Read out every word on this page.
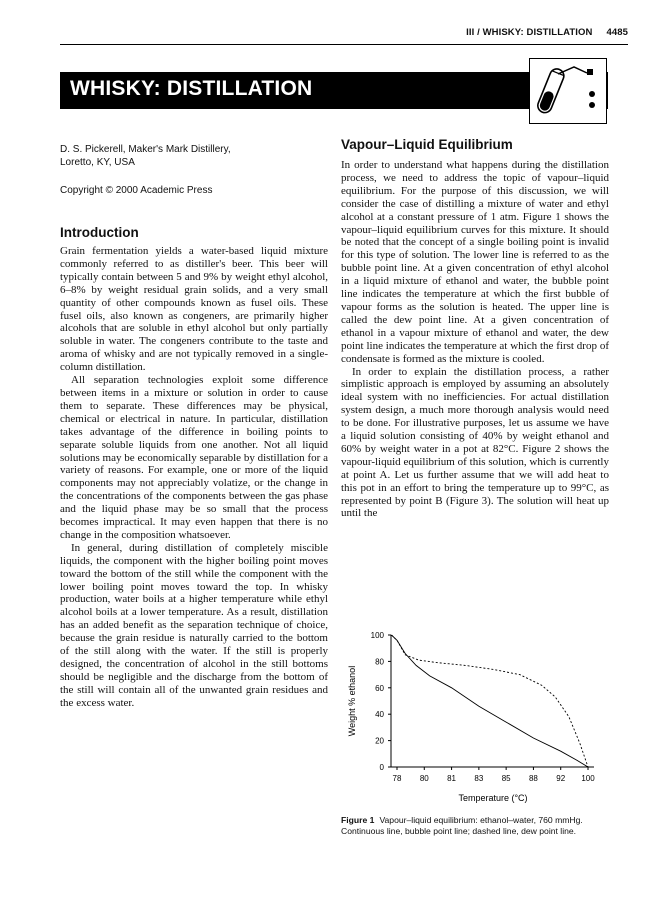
III / WHISKY: DISTILLATION 4485
WHISKY: DISTILLATION
D. S. Pickerell, Maker's Mark Distillery,
Loretto, KY, USA
Copyright © 2000 Academic Press
Introduction

Grain fermentation yields a water-based liquid mixture commonly referred to as distiller's beer. This beer will typically contain between 5 and 9% by weight ethyl alcohol, 6–8% by weight residual grain solids, and a very small quantity of other compounds known as fusel oils. These fusel oils, also known as congeners, are primarily higher alcohols that are soluble in ethyl alcohol but only partially soluble in water. The congeners contribute to the taste and aroma of whisky and are not typically removed in a single-column distillation.

All separation technologies exploit some difference between items in a mixture or solution in order to cause them to separate. These differences may be physical, chemical or electrical in nature. In particular, distillation takes advantage of the difference in boiling points to separate soluble liquids from one another. Not all liquid solutions may be economically separable by distillation for a variety of reasons. For example, one or more of the liquid components may not appreciably volatize, or the change in the concentrations of the components between the gas phase and the liquid phase may be so small that the process becomes impractical. It may even happen that there is no change in the composition whatsoever.

In general, during distillation of completely miscible liquids, the component with the higher boiling point moves toward the bottom of the still while the component with the lower boiling point moves toward the top. In whisky production, water boils at a higher temperature while ethyl alcohol boils at a lower temperature. As a result, distillation has an added benefit as the separation technique of choice, because the grain residue is naturally carried to the bottom of the still along with the water. If the still is properly designed, the concentration of alcohol in the still bottoms should be negligible and the discharge from the bottom of the still will contain all of the unwanted grain residues and the excess water.

Vapour–Liquid Equilibrium

In order to understand what happens during the distillation process, we need to address the topic of vapour–liquid equilibrium. For the purpose of this discussion, we will consider the case of distilling a mixture of water and ethyl alcohol at a constant pressure of 1 atm. Figure 1 shows the vapour–liquid equilibrium curves for this mixture. It should be noted that the concept of a single boiling point is invalid for this type of solution. The lower line is referred to as the bubble point line. At a given concentration of ethyl alcohol in a liquid mixture of ethanol and water, the bubble point line indicates the temperature at which the first bubble of vapour forms as the solution is heated. The upper line is called the dew point line. At a given concentration of ethanol in a vapour mixture of ethanol and water, the dew point line indicates the temperature at which the first drop of condensate is formed as the mixture is cooled.

In order to explain the distillation process, a rather simplistic approach is employed by assuming an absolutely ideal system with no inefficiencies. For actual distillation system design, a much more thorough analysis would need to be done. For illustrative purposes, let us assume we have a liquid solution consisting of 40% by weight ethanol and 60% by weight water in a pot at 82°C. Figure 2 shows the vapour-liquid equilibrium of this solution, which is currently at point A. Let us further assume that we will add heat to this pot in an effort to bring the temperature up to 99°C, as represented by point B (Figure 3). The solution will heat up until the

0
20
40
60
80
100
78 80 81 83 85 88 92 100
Weight % ethanol
Temperature (°C)
Figure 1 Vapour–liquid equilibrium: ethanol–water, 760 mmHg. Continuous line, bubble point line; dashed line, dew point line.
